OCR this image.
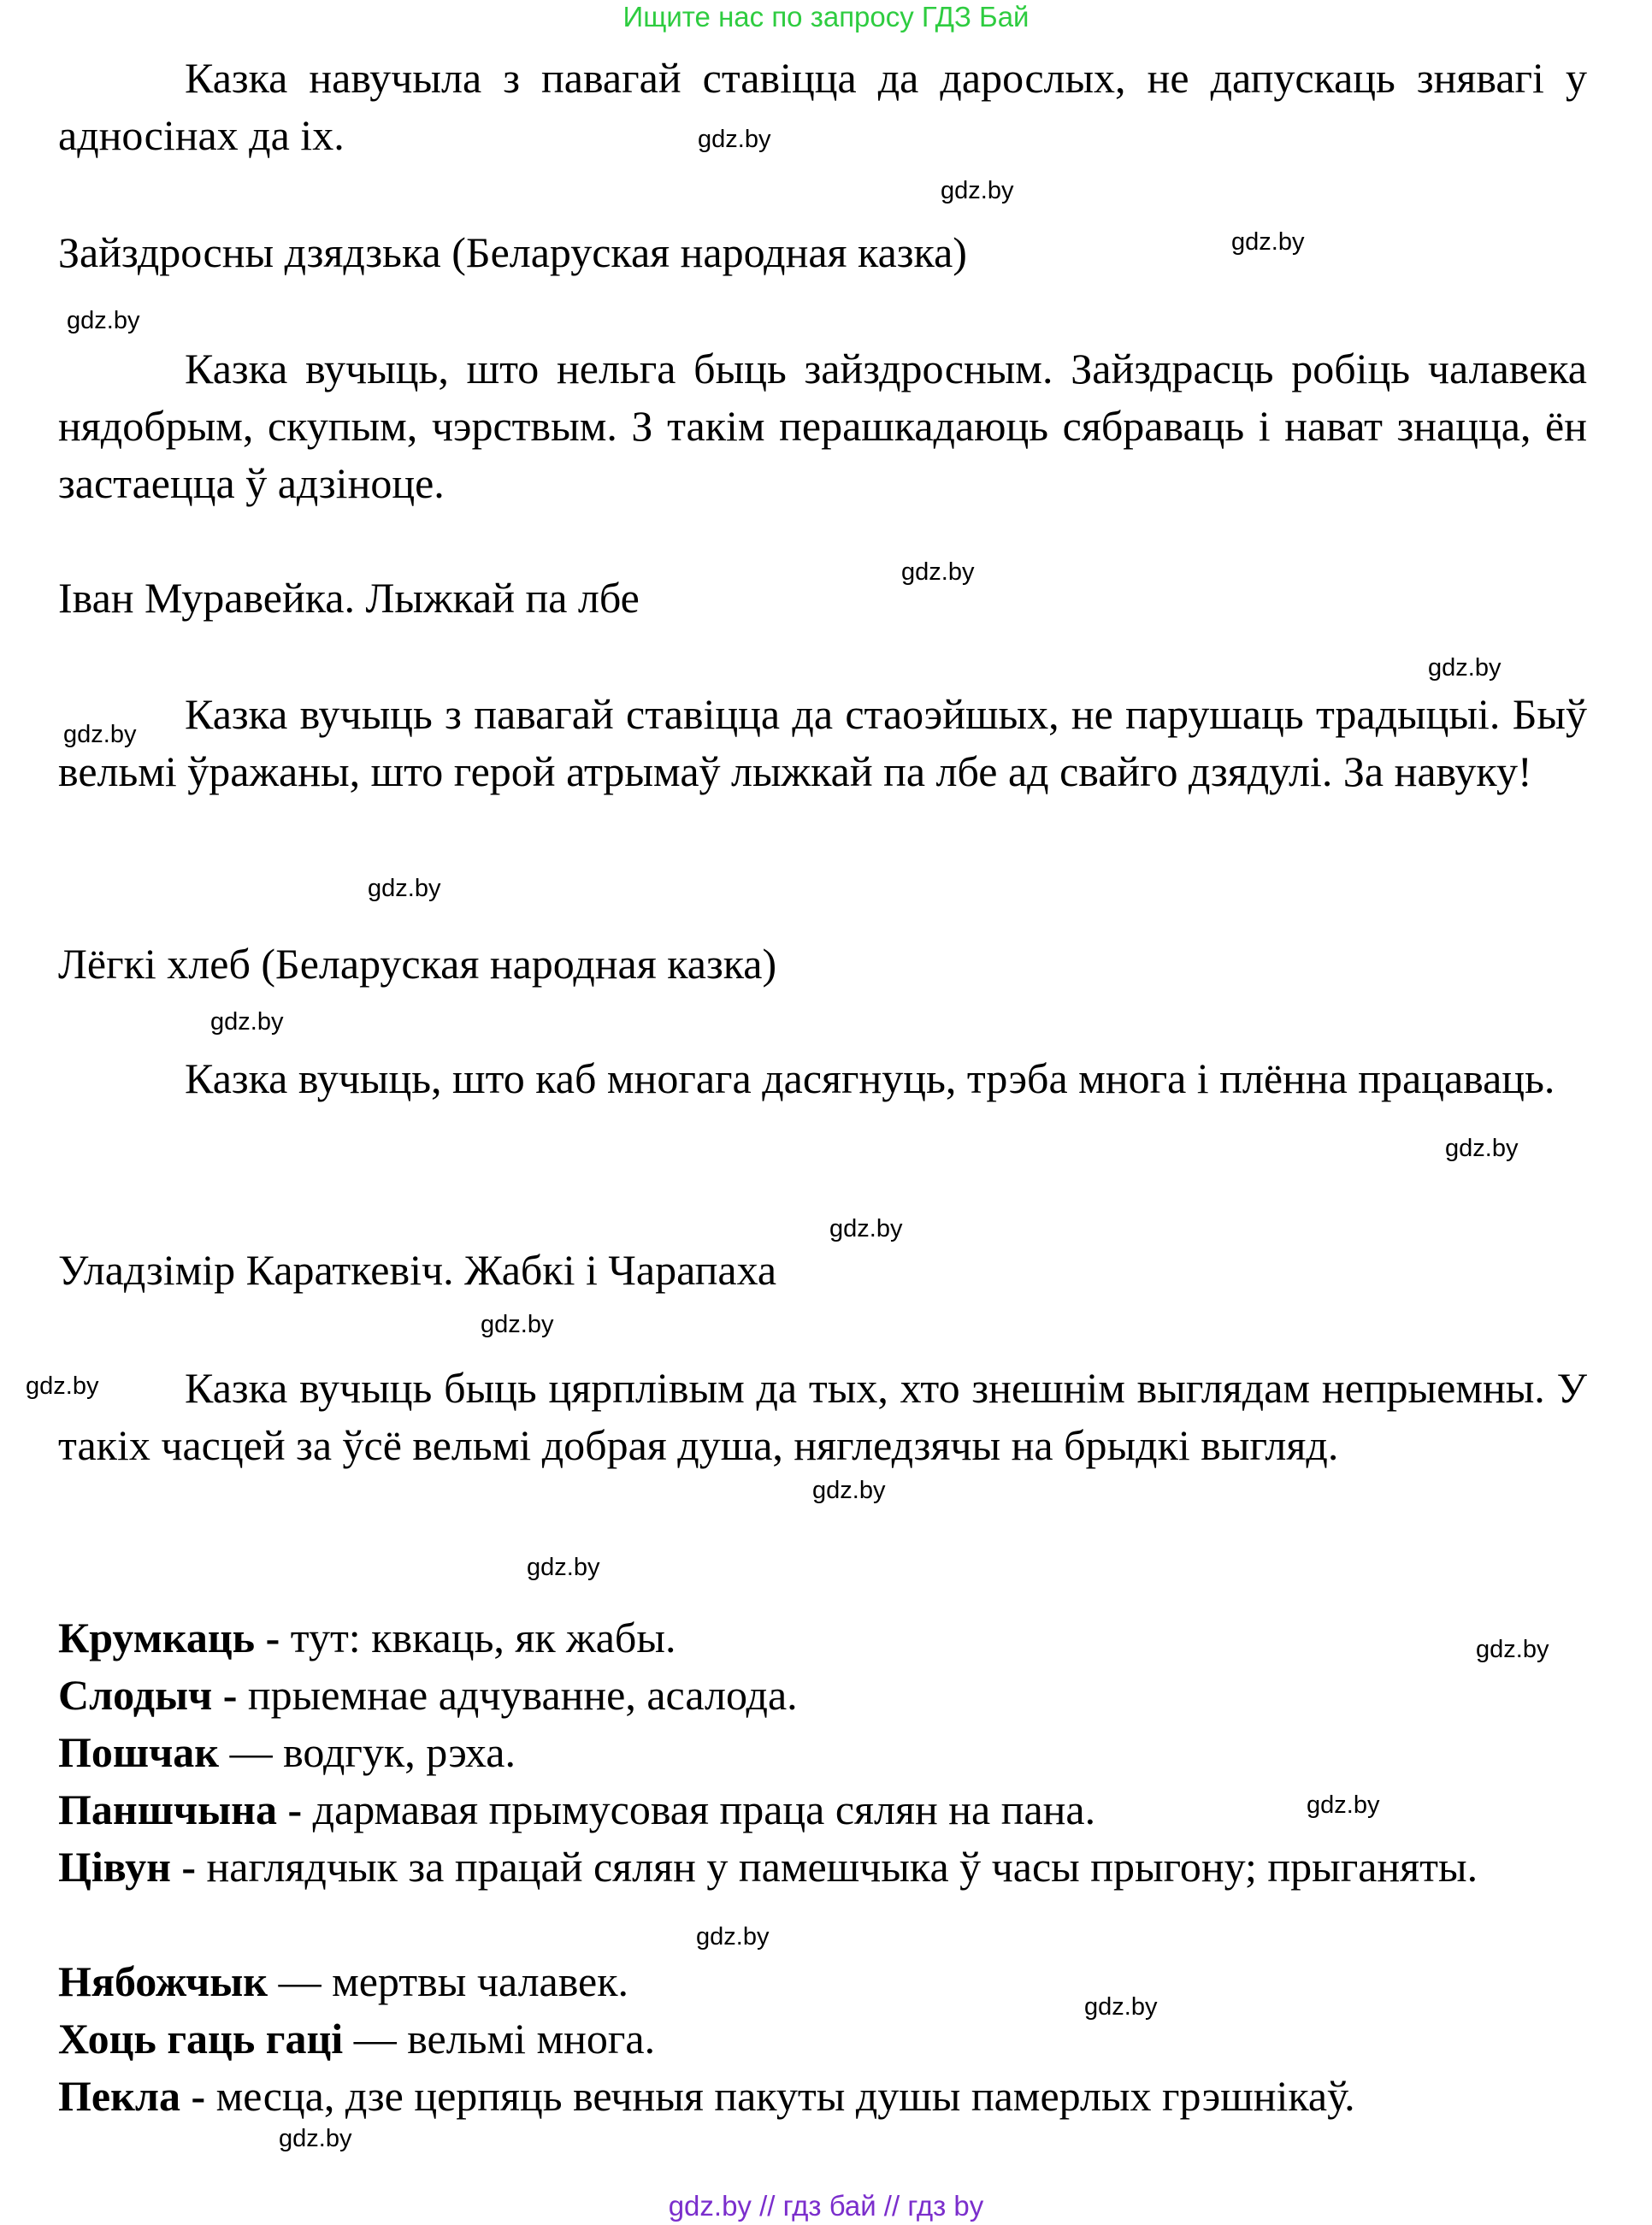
Ищите нас по запросу ГДЗ Бай

Казка навучыла з павагай ставіцца да дарослых, не дапускаць знявагі у адносінах да іх.

Зайздросны дзядзька (Беларуская народная казка)

Казка вучыць, што нельга быць зайздросным. Зайздрасць робіць чалавека нядобрым, скупым, чэрствым. З такім перашкадаюць сябраваць і нават знацца, ён застаецца ў адзіноце.

Іван Муравейка. Лыжкай па лбе

Казка вучыць з павагай ставіцца да стаоэйшых, не парушаць традыцыі. Быў вельмі ўражаны, што герой атрымаў лыжкай па лбе ад свайго дзядулі. За навуку!

Лёгкі хлеб (Беларуская народная казка)

Казка вучыць, што каб многага дасягнуць, трэба многа і плённа працаваць.

Уладзімір Караткевіч. Жабкі і Чарапаха

Казка вучыць быць цярплівым да тых, хто знешнім выглядам непрыемны. У такіх часцей за ўсё вельмі добрая душа, нягледзячы на брыдкі выгляд.

Крумкаць - тут: квкаць, як жабы.

Слодыч - прыемнае адчуванне, асалода.

Пошчак — водгук, рэха.

Паншчына - дармавая прымусовая праца сялян на пана.

Цівун - наглядчык за працай сялян у памешчыка ў часы прыгону; прыганяты.

Нябожчык — мертвы чалавек.

Хоць гаць гаці — вельмі многа.

Пекла - месца, дзе церпяць вечныя пакуты душы памерлых грэшнікаў.

gdz.by
gdz.by
gdz.by
gdz.by
gdz.by
gdz.by
gdz.by
gdz.by
gdz.by
gdz.by
gdz.by
gdz.by
gdz.by
gdz.by
gdz.by
gdz.by
gdz.by
gdz.by
gdz.by
gdz.by
gdz.by // гдз бай // гдз by
